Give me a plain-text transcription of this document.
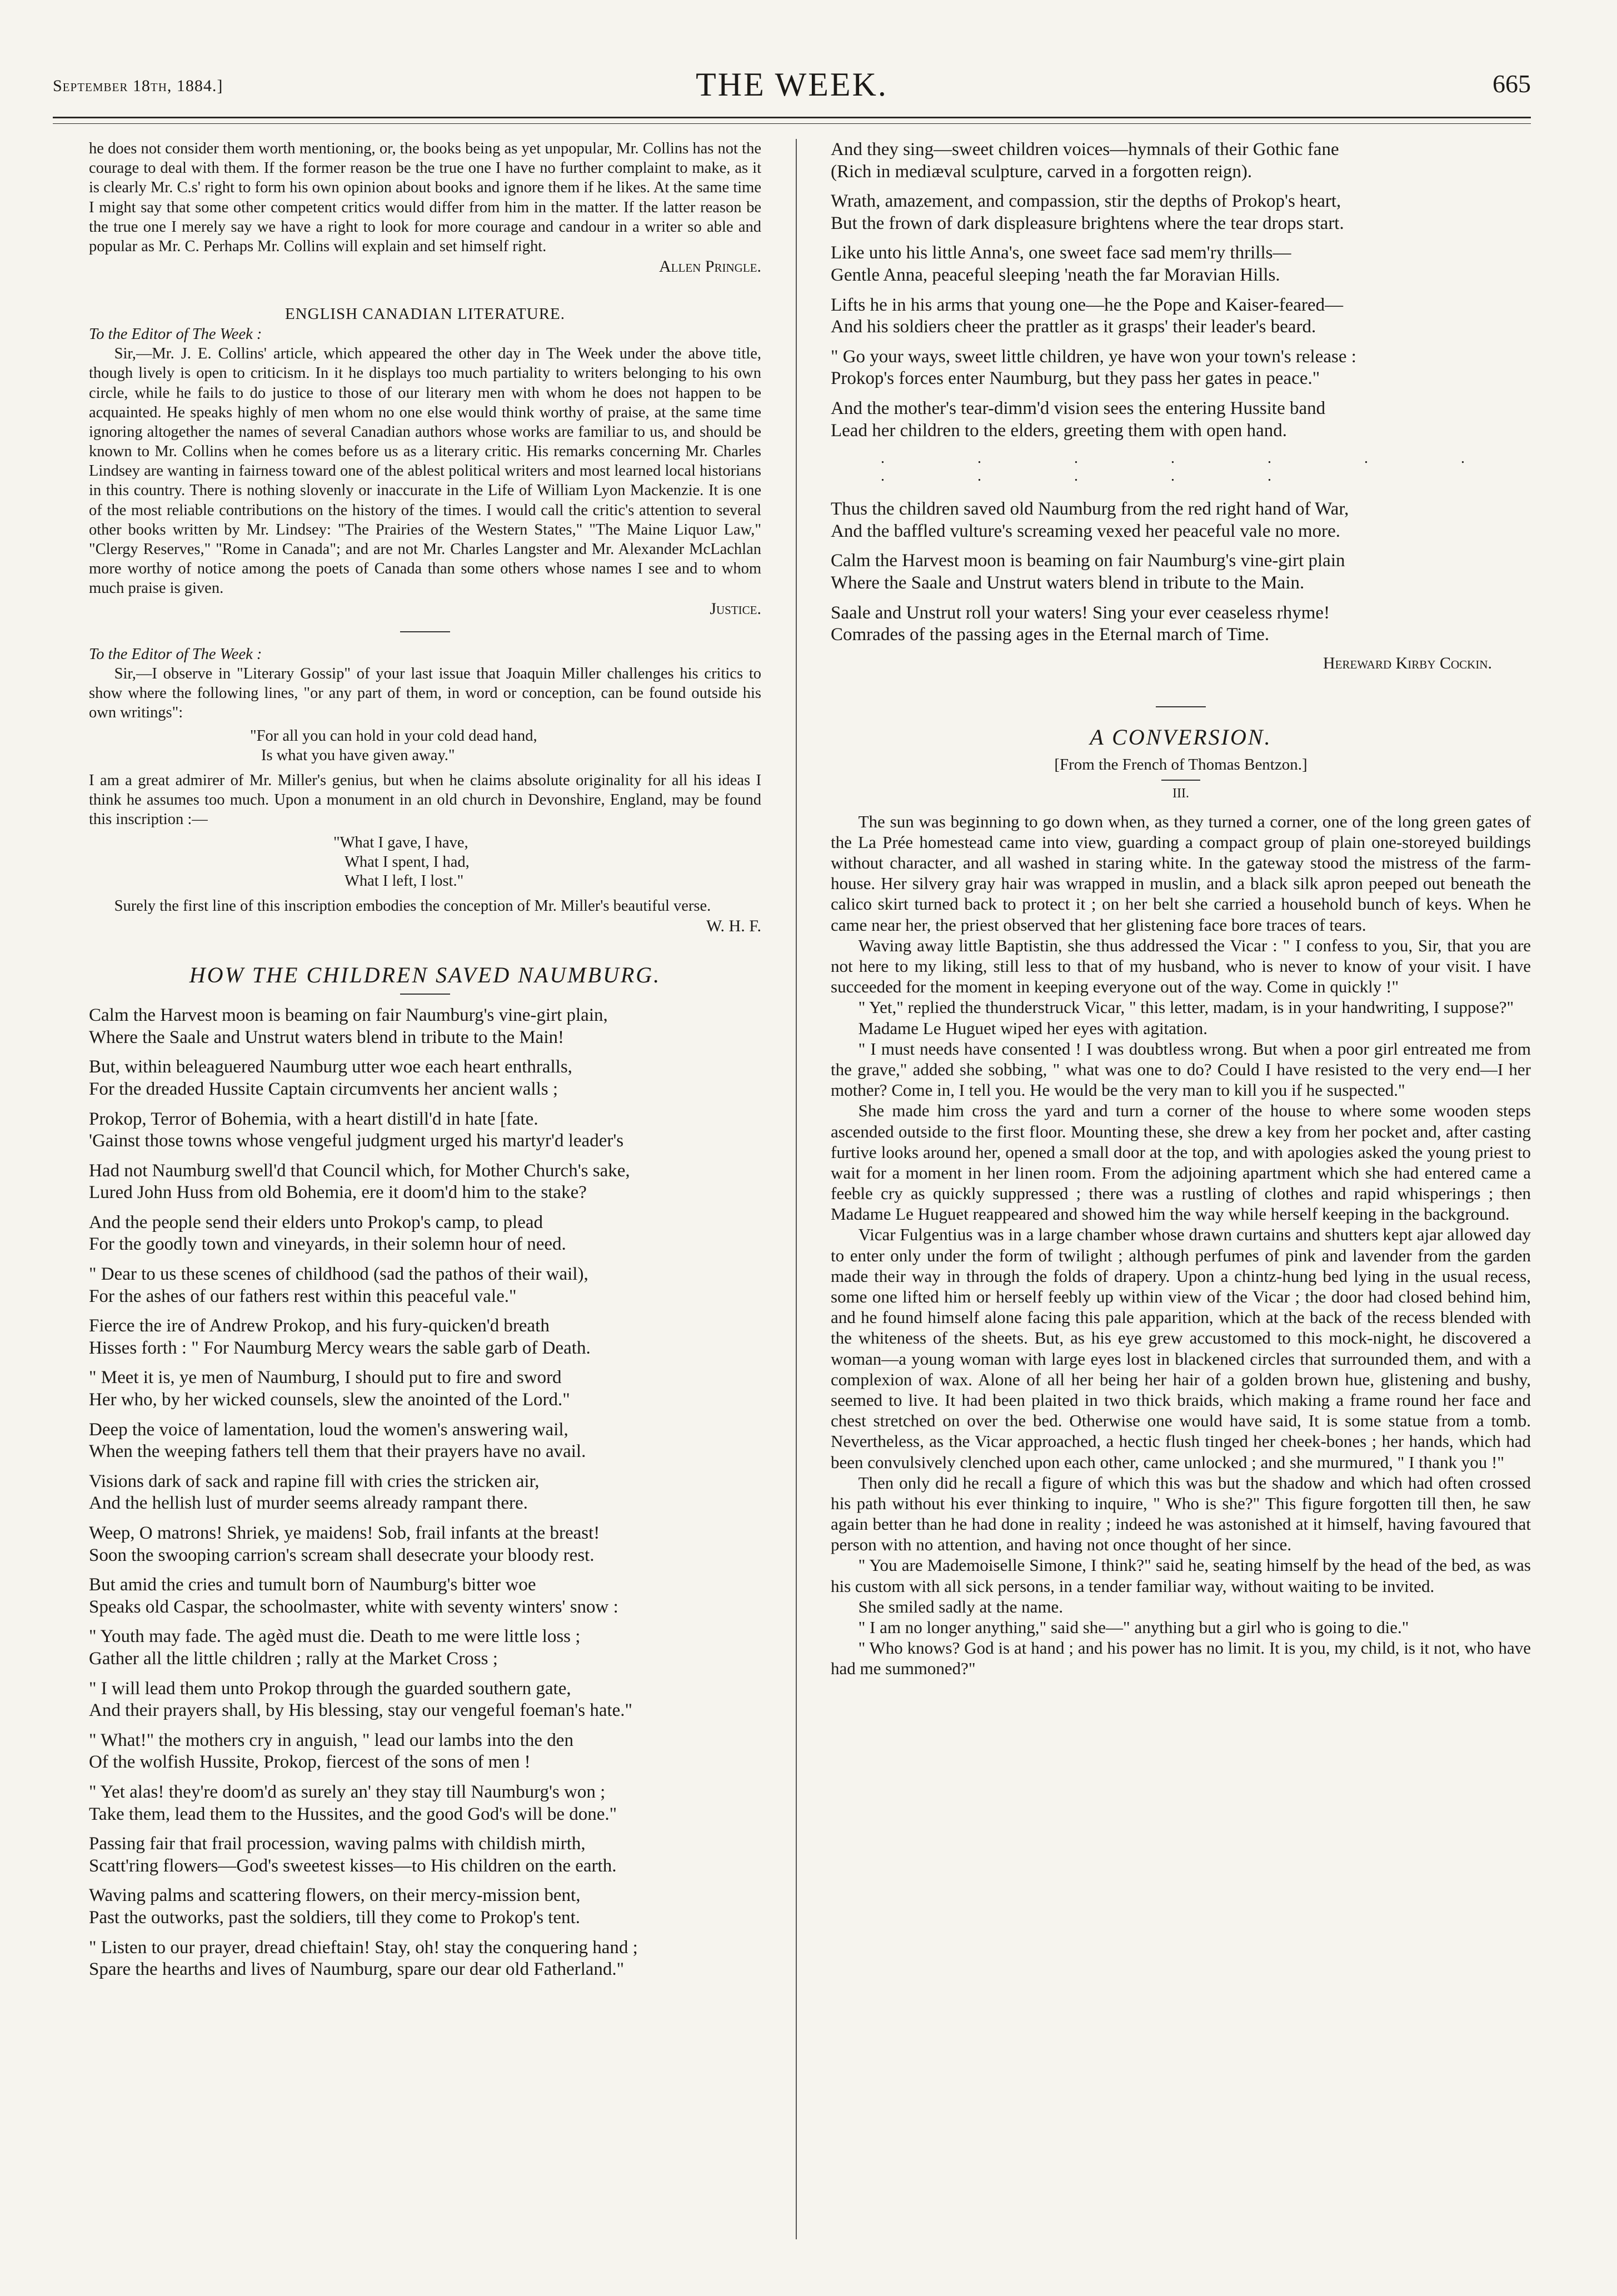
September 18th, 1884.]	THE WEEK.	665

he does not consider them worth mentioning, or, the books being as yet unpopular, Mr. Collins has not the courage to deal with them. If the former reason be the true one I have no further complaint to make, as it is clearly Mr. C.s' right to form his own opinion about books and ignore them if he likes. At the same time I might say that some other competent critics would differ from him in the matter. If the latter reason be the true one I merely say we have a right to look for more courage and candour in a writer so able and popular as Mr. C. Perhaps Mr. Collins will explain and set himself right.

Allen Pringle.
ENGLISH CANADIAN LITERATURE.
To the Editor of The Week :

Sir,—Mr. J. E. Collins' article, which appeared the other day in The Week under the above title, though lively is open to criticism. In it he displays too much partiality to writers belonging to his own circle, while he fails to do justice to those of our literary men with whom he does not happen to be acquainted. He speaks highly of men whom no one else would think worthy of praise, at the same time ignoring altogether the names of several Canadian authors whose works are familiar to us, and should be known to Mr. Collins when he comes before us as a literary critic. His remarks concerning Mr. Charles Lindsey are wanting in fairness toward one of the ablest political writers and most learned local historians in this country. There is nothing slovenly or inaccurate in the Life of William Lyon Mackenzie. It is one of the most reliable contributions on the history of the times. I would call the critic's attention to several other books written by Mr. Lindsey: "The Prairies of the Western States," "The Maine Liquor Law," "Clergy Reserves," "Rome in Canada"; and are not Mr. Charles Langster and Mr. Alexander McLachlan more worthy of notice among the poets of Canada than some others whose names I see and to whom much praise is given.

Justice.
To the Editor of The Week :

Sir,—I observe in "Literary Gossip" of your last issue that Joaquin Miller challenges his critics to show where the following lines, "or any part of them, in word or conception, can be found outside his own writings":

"For all you can hold in your cold dead hand,
Is what you have given away."

I am a great admirer of Mr. Miller's genius, but when he claims absolute originality for all his ideas I think he assumes too much. Upon a monument in an old church in Devonshire, England, may be found this inscription :—

"What I gave, I have,
What I spent, I had,
What I left, I lost."

Surely the first line of this inscription embodies the conception of Mr. Miller's beautiful verse.

W. H. F.
HOW THE CHILDREN SAVED NAUMBURG.
Calm the Harvest moon is beaming on fair Naumburg's vine-girt plain,
Where the Saale and Unstrut waters blend in tribute to the Main!
But, within beleaguered Naumburg utter woe each heart enthralls,
For the dreaded Hussite Captain circumvents her ancient walls ;
Prokop, Terror of Bohemia, with a heart distill'd in hate [fate.
'Gainst those towns whose vengeful judgment urged his martyr'd leader's
Had not Naumburg swell'd that Council which, for Mother Church's sake,
Lured John Huss from old Bohemia, ere it doom'd him to the stake?
And the people send their elders unto Prokop's camp, to plead
For the goodly town and vineyards, in their solemn hour of need.
" Dear to us these scenes of childhood (sad the pathos of their wail),
For the ashes of our fathers rest within this peaceful vale."
Fierce the ire of Andrew Prokop, and his fury-quicken'd breath
Hisses forth : " For Naumburg Mercy wears the sable garb of Death.
" Meet it is, ye men of Naumburg, I should put to fire and sword
Her who, by her wicked counsels, slew the anointed of the Lord."
Deep the voice of lamentation, loud the women's answering wail,
When the weeping fathers tell them that their prayers have no avail.
Visions dark of sack and rapine fill with cries the stricken air,
And the hellish lust of murder seems already rampant there.
Weep, O matrons! Shriek, ye maidens! Sob, frail infants at the breast!
Soon the swooping carrion's scream shall desecrate your bloody rest.
But amid the cries and tumult born of Naumburg's bitter woe
Speaks old Caspar, the schoolmaster, white with seventy winters' snow :
" Youth may fade. The agèd must die. Death to me were little loss ;
Gather all the little children ; rally at the Market Cross ;
" I will lead them unto Prokop through the guarded southern gate,
And their prayers shall, by His blessing, stay our vengeful foeman's hate."
" What!" the mothers cry in anguish, " lead our lambs into the den
Of the wolfish Hussite, Prokop, fiercest of the sons of men !
" Yet alas! they're doom'd as surely an' they stay till Naumburg's won ;
Take them, lead them to the Hussites, and the good God's will be done."
Passing fair that frail procession, waving palms with childish mirth,
Scatt'ring flowers—God's sweetest kisses—to His children on the earth.
Waving palms and scattering flowers, on their mercy-mission bent,
Past the outworks, past the soldiers, till they come to Prokop's tent.
" Listen to our prayer, dread chieftain! Stay, oh! stay the conquering hand ;
Spare the hearths and lives of Naumburg, spare our dear old Fatherland."
And they sing—sweet children voices—hymnals of their Gothic fane
(Rich in mediæval sculpture, carved in a forgotten reign).
Wrath, amazement, and compassion, stir the depths of Prokop's heart,
But the frown of dark displeasure brightens where the tear drops start.
Like unto his little Anna's, one sweet face sad mem'ry thrills—
Gentle Anna, peaceful sleeping 'neath the far Moravian Hills.
Lifts he in his arms that young one—he the Pope and Kaiser-feared—
And his soldiers cheer the prattler as it grasps' their leader's beard.
" Go your ways, sweet little children, ye have won your town's release :
Prokop's forces enter Naumburg, but they pass her gates in peace."
And the mother's tear-dimm'd vision sees the entering Hussite band
Lead her children to the elders, greeting them with open hand.
. . . . . . . . . . . .
Thus the children saved old Naumburg from the red right hand of War,
And the baffled vulture's screaming vexed her peaceful vale no more.
Calm the Harvest moon is beaming on fair Naumburg's vine-girt plain
Where the Saale and Unstrut waters blend in tribute to the Main.
Saale and Unstrut roll your waters! Sing your ever ceaseless rhyme!
Comrades of the passing ages in the Eternal march of Time.
Hereward Kirby Cockin.
A CONVERSION.
[From the French of Thomas Bentzon.]
III.

The sun was beginning to go down when, as they turned a corner, one of the long green gates of the La Prée homestead came into view, guarding a compact group of plain one-storeyed buildings without character, and all washed in staring white. In the gateway stood the mistress of the farm-house. Her silvery gray hair was wrapped in muslin, and a black silk apron peeped out beneath the calico skirt turned back to protect it ; on her belt she carried a household bunch of keys. When he came near her, the priest observed that her glistening face bore traces of tears.

Waving away little Baptistin, she thus addressed the Vicar : " I confess to you, Sir, that you are not here to my liking, still less to that of my husband, who is never to know of your visit. I have succeeded for the moment in keeping everyone out of the way. Come in quickly !"

" Yet," replied the thunderstruck Vicar, " this letter, madam, is in your handwriting, I suppose?"

Madame Le Huguet wiped her eyes with agitation.

" I must needs have consented ! I was doubtless wrong. But when a poor girl entreated me from the grave," added she sobbing, " what was one to do? Could I have resisted to the very end—I her mother? Come in, I tell you. He would be the very man to kill you if he suspected."

She made him cross the yard and turn a corner of the house to where some wooden steps ascended outside to the first floor. Mounting these, she drew a key from her pocket and, after casting furtive looks around her, opened a small door at the top, and with apologies asked the young priest to wait for a moment in her linen room. From the adjoining apartment which she had entered came a feeble cry as quickly suppressed ; there was a rustling of clothes and rapid whisperings ; then Madame Le Huguet reappeared and showed him the way while herself keeping in the background.

Vicar Fulgentius was in a large chamber whose drawn curtains and shutters kept ajar allowed day to enter only under the form of twilight ; although perfumes of pink and lavender from the garden made their way in through the folds of drapery. Upon a chintz-hung bed lying in the usual recess, some one lifted him or herself feebly up within view of the Vicar ; the door had closed behind him, and he found himself alone facing this pale apparition, which at the back of the recess blended with the whiteness of the sheets. But, as his eye grew accustomed to this mock-night, he discovered a woman—a young woman with large eyes lost in blackened circles that surrounded them, and with a complexion of wax. Alone of all her being her hair of a golden brown hue, glistening and bushy, seemed to live. It had been plaited in two thick braids, which making a frame round her face and chest stretched on over the bed. Otherwise one would have said, It is some statue from a tomb. Nevertheless, as the Vicar approached, a hectic flush tinged her cheek-bones ; her hands, which had been convulsively clenched upon each other, came unlocked ; and she murmured, " I thank you !"

Then only did he recall a figure of which this was but the shadow and which had often crossed his path without his ever thinking to inquire, " Who is she?" This figure forgotten till then, he saw again better than he had done in reality ; indeed he was astonished at it himself, having favoured that person with no attention, and having not once thought of her since.

" You are Mademoiselle Simone, I think?" said he, seating himself by the head of the bed, as was his custom with all sick persons, in a tender familiar way, without waiting to be invited.

She smiled sadly at the name.

" I am no longer anything," said she—" anything but a girl who is going to die."

" Who knows? God is at hand ; and his power has no limit. It is you, my child, is it not, who have had me summoned?"
